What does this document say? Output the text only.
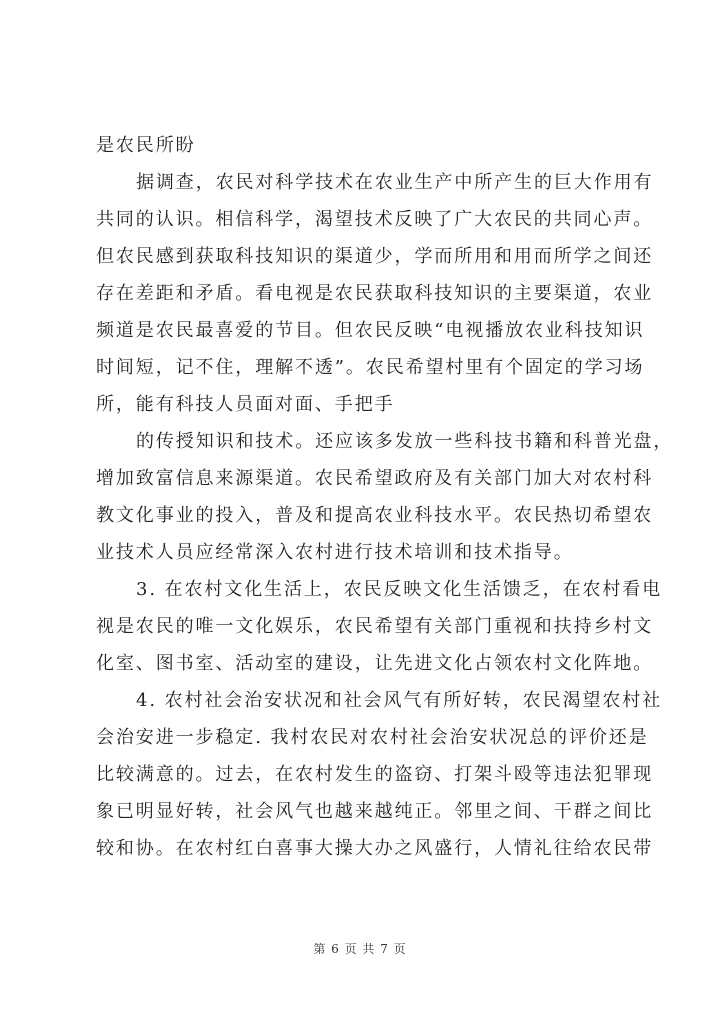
是农民所盼
据调查，农民对科学技术在农业生产中所产生的巨大作用有
共同的认识。相信科学，渴望技术反映了广大农民的共同心声。
但农民感到获取科技知识的渠道少，学而所用和用而所学之间还
存在差距和矛盾。看电视是农民获取科技知识的主要渠道，农业
频道是农民最喜爱的节目。但农民反映“电视播放农业科技知识
时间短，记不住，理解不透”。农民希望村里有个固定的学习场
所，能有科技人员面对面、手把手
的传授知识和技术。还应该多发放一些科技书籍和科普光盘，
增加致富信息来源渠道。农民希望政府及有关部门加大对农村科
教文化事业的投入，普及和提高农业科技水平。农民热切希望农
业技术人员应经常深入农村进行技术培训和技术指导。
3. 在农村文化生活上，农民反映文化生活馈乏，在农村看电
视是农民的唯一文化娱乐，农民希望有关部门重视和扶持乡村文
化室、图书室、活动室的建设，让先进文化占领农村文化阵地。
4. 农村社会治安状况和社会风气有所好转，农民渴望农村社
会治安进一步稳定. 我村农民对农村社会治安状况总的评价还是
比较满意的。过去，在农村发生的盗窃、打架斗殴等违法犯罪现
象已明显好转，社会风气也越来越纯正。邻里之间、干群之间比
较和协。在农村红白喜事大操大办之风盛行，人情礼往给农民带
第 6 页 共 7 页
